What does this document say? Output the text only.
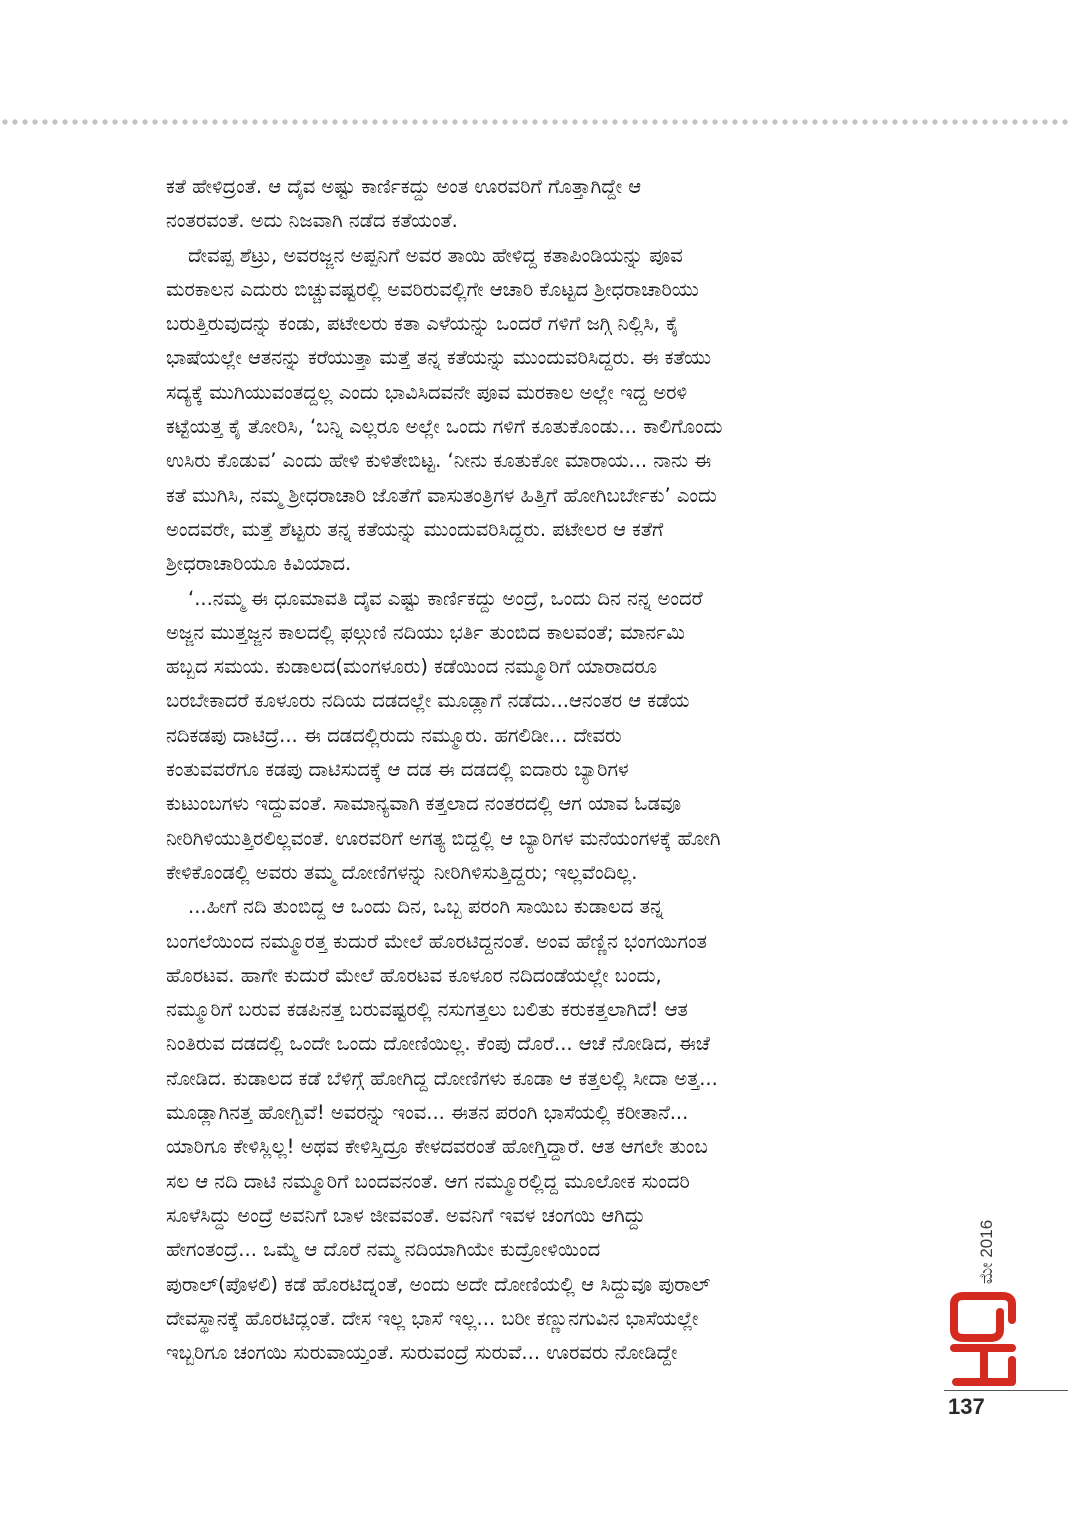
ಕತೆ ಹೇಳಿದ್ರಂತೆ. ಆ ದೈವ ಅಷ್ಟು ಕಾರ್ಣಿಕದ್ದು ಅಂತ ಊರವರಿಗೆ ಗೊತ್ತಾಗಿದ್ದೇ ಆ
ನಂತರವಂತೆ. ಅದು ನಿಜವಾಗಿ ನಡೆದ ಕತೆಯಂತೆ.
ದೇವಪ್ಪ ಶೆಟ್ರು, ಅವರಜ್ಜನ ಅಪ್ಪನಿಗೆ ಅವರ ತಾಯಿ ಹೇಳಿದ್ದ ಕತಾಪಿಂಡಿಯನ್ನು ಪೂವ
ಮರಕಾಲನ ಎದುರು ಬಿಚ್ಚುವಷ್ಟರಲ್ಲಿ ಅವರಿರುವಲ್ಲಿಗೇ ಆಚಾರಿ ಕೊಟ್ಟದ ಶ್ರೀಧರಾಚಾರಿಯು
ಬರುತ್ತಿರುವುದನ್ನು ಕಂಡು, ಪಟೇಲರು ಕತಾ ಎಳೆಯನ್ನು ಒಂದರೆ ಗಳಿಗೆ ಜಗ್ಗಿ ನಿಲ್ಲಿಸಿ, ಕೈ
ಭಾಷೆಯಲ್ಲೇ ಆತನನ್ನು ಕರೆಯುತ್ತಾ ಮತ್ತೆ ತನ್ನ ಕತೆಯನ್ನು ಮುಂದುವರಿಸಿದ್ದರು. ಈ ಕತೆಯು
ಸದ್ಯಕ್ಕೆ ಮುಗಿಯುವಂತದ್ದಲ್ಲ ಎಂದು ಭಾವಿಸಿದವನೇ ಪೂವ ಮರಕಾಲ ಅಲ್ಲೇ ಇದ್ದ ಅರಳಿ
ಕಟ್ಟೆಯತ್ತ ಕೈ ತೋರಿಸಿ, ‘ಬನ್ನಿ ಎಲ್ಲರೂ ಅಲ್ಲೇ ಒಂದು ಗಳಿಗೆ ಕೂತುಕೊಂಡು... ಕಾಲಿಗೊಂದು
ಉಸಿರು ಕೊಡುವ’ ಎಂದು ಹೇಳಿ ಕುಳಿತೇಬಿಟ್ಟ. ‘ನೀನು ಕೂತುಕೋ ಮಾರಾಯ... ನಾನು ಈ
ಕತೆ ಮುಗಿಸಿ, ನಮ್ಮ ಶ್ರೀಧರಾಚಾರಿ ಜೊತೆಗೆ ವಾಸುತಂತ್ರಿಗಳ ಹಿತ್ತಿಗೆ ಹೋಗಿಬರ್ಬೇಕು’ ಎಂದು
ಅಂದವರೇ, ಮತ್ತೆ ಶೆಟ್ಟರು ತನ್ನ ಕತೆಯನ್ನು ಮುಂದುವರಿಸಿದ್ದರು. ಪಟೇಲರ ಆ ಕತೆಗೆ
ಶ್ರೀಧರಾಚಾರಿಯೂ ಕಿವಿಯಾದ.
‘...ನಮ್ಮ ಈ ಧೂಮಾವತಿ ದೈವ ಎಷ್ಟು ಕಾರ್ಣಿಕದ್ದು ಅಂದ್ರೆ, ಒಂದು ದಿನ ನನ್ನ ಅಂದರೆ
ಅಜ್ಜನ ಮುತ್ತಜ್ಜನ ಕಾಲದಲ್ಲಿ ಫಲ್ಗುಣಿ ನದಿಯು ಭರ್ತಿ ತುಂಬಿದ ಕಾಲವಂತೆ; ಮಾರ್ನಮಿ
ಹಬ್ಬದ ಸಮಯ. ಕುಡಾಲದ(ಮಂಗಳೂರು) ಕಡೆಯಿಂದ ನಮ್ಮೂರಿಗೆ ಯಾರಾದರೂ
ಬರಬೇಕಾದರೆ ಕೂಳೂರು ನದಿಯ ದಡದಲ್ಲೇ ಮೂಡ್ಲಾಗೆ ನಡೆದು...ಆನಂತರ ಆ ಕಡೆಯ
ನದಿಕಡಪು ದಾಟಿದ್ರೆ... ಈ ದಡದಲ್ಲಿರುದು ನಮ್ಮೂರು. ಹಗಲಿಡೀ... ದೇವರು
ಕಂತುವವರೆಗೂ ಕಡಪು ದಾಟಿಸುದಕ್ಕೆ ಆ ದಡ ಈ ದಡದಲ್ಲಿ ಐದಾರು ಬ್ಯಾರಿಗಳ
ಕುಟುಂಬಗಳು ಇದ್ದುವಂತೆ. ಸಾಮಾನ್ಯವಾಗಿ ಕತ್ತಲಾದ ನಂತರದಲ್ಲಿ ಆಗ ಯಾವ ಓಡವೂ
ನೀರಿಗಿಳಿಯುತ್ತಿರಲಿಲ್ಲವಂತೆ. ಊರವರಿಗೆ ಅಗತ್ಯ ಬಿದ್ದಲ್ಲಿ ಆ ಬ್ಯಾರಿಗಳ ಮನೆಯಂಗಳಕ್ಕೆ ಹೋಗಿ
ಕೇಳಿಕೊಂಡಲ್ಲಿ ಅವರು ತಮ್ಮ ದೋಣಿಗಳನ್ನು ನೀರಿಗಿಳಿಸುತ್ತಿದ್ದರು; ಇಲ್ಲವೆಂದಿಲ್ಲ.
...ಹೀಗೆ ನದಿ ತುಂಬಿದ್ದ ಆ ಒಂದು ದಿನ, ಒಬ್ಬ ಪರಂಗಿ ಸಾಯಿಬ ಕುಡಾಲದ ತನ್ನ
ಬಂಗಲೆಯಿಂದ ನಮ್ಮೂರತ್ತ ಕುದುರೆ ಮೇಲೆ ಹೊರಟಿದ್ದನಂತೆ. ಅಂವ ಹೆಣ್ಣಿನ ಭಂಗಯಿಗಂತ
ಹೊರಟವ. ಹಾಗೇ ಕುದುರೆ ಮೇಲೆ ಹೊರಟವ ಕೂಳೂರ ನದಿದಂಡೆಯಲ್ಲೇ ಬಂದು,
ನಮ್ಮೂರಿಗೆ ಬರುವ ಕಡಪಿನತ್ತ ಬರುವಷ್ಟರಲ್ಲಿ ನಸುಗತ್ತಲು ಬಲಿತು ಕರುಕತ್ತಲಾಗಿದೆ! ಆತ
ನಿಂತಿರುವ ದಡದಲ್ಲಿ ಒಂದೇ ಒಂದು ದೋಣಿಯಿಲ್ಲ. ಕೆಂಪು ದೊರೆ... ಆಚೆ ನೋಡಿದ, ಈಚೆ
ನೋಡಿದ. ಕುಡಾಲದ ಕಡೆ ಬೆಳಿಗ್ಗೆ ಹೋಗಿದ್ದ ದೋಣಿಗಳು ಕೂಡಾ ಆ ಕತ್ತಲಲ್ಲಿ ಸೀದಾ ಅತ್ತ...
ಮೂಡ್ಲಾಗಿನತ್ತ ಹೋಗ್ಬಿವೆ! ಅವರನ್ನು ಇಂವ... ಈತನ ಪರಂಗಿ ಭಾಸೆಯಲ್ಲಿ ಕರೀತಾನೆ...
ಯಾರಿಗೂ ಕೇಳಿಸ್ಲಿಲ್ಲ! ಅಥವ ಕೇಳಿಸ್ತಿದ್ರೂ ಕೇಳದವರಂತೆ ಹೋಗ್ತಿದ್ದಾರೆ. ಆತ ಆಗಲೇ ತುಂಬ
ಸಲ ಆ ನದಿ ದಾಟಿ ನಮ್ಮೂರಿಗೆ ಬಂದವನಂತೆ. ಆಗ ನಮ್ಮೂರಲ್ಲಿದ್ದ ಮೂಲೋಕ ಸುಂದರಿ
ಸೂಳೆಸಿದ್ದು ಅಂದ್ರೆ ಅವನಿಗೆ ಬಾಳ ಜೀವವಂತೆ. ಅವನಿಗೆ ಇವಳ ಚಂಗಯಿ ಆಗಿದ್ದು
ಹೇಗಂತಂದ್ರೆ... ಒಮ್ಮೆ ಆ ದೊರೆ ನಮ್ಮ ನದಿಯಾಗಿಯೇ ಕುದ್ರೋಳಿಯಿಂದ
ಪುರಾಲ್(ಪೊಳಲಿ) ಕಡೆ ಹೊರಟಿದ್ನಂತೆ, ಅಂದು ಅದೇ ದೋಣಿಯಲ್ಲಿ ಆ ಸಿದ್ದುವೂ ಪುರಾಲ್
ದೇವಸ್ಥಾನಕ್ಕೆ ಹೊರಟಿದ್ಲಂತೆ. ದೇಸ ಇಲ್ಲ ಭಾಸೆ ಇಲ್ಲ... ಬರೀ ಕಣ್ಣುನಗುವಿನ ಭಾಸೆಯಲ್ಲೇ
ಇಬ್ಬರಿಗೂ ಚಂಗಯಿ ಸುರುವಾಯ್ತಂತೆ. ಸುರುವಂದ್ರೆ ಸುರುವೆ... ಊರವರು ನೋಡಿದ್ದೇ
ಮೇ 2016
137
